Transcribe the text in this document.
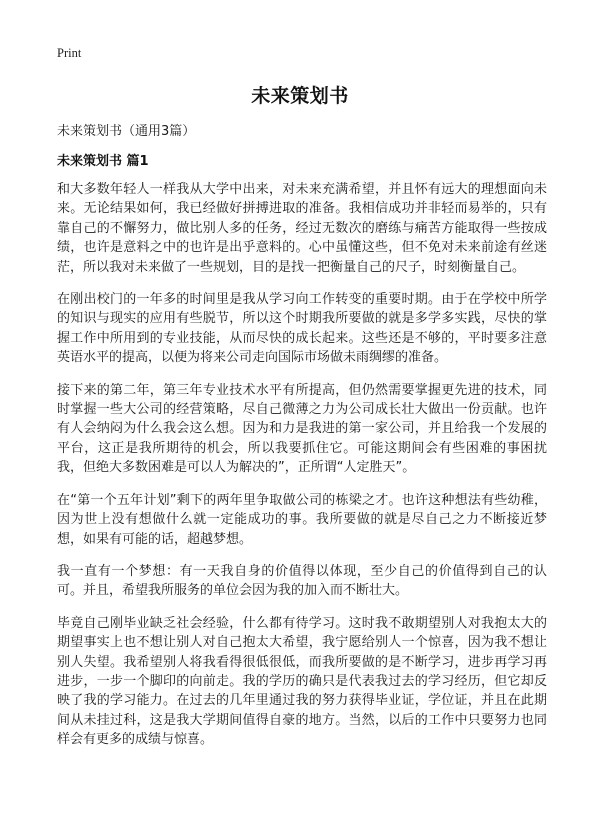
Print
未来策划书
未来策划书（通用3篇）
未来策划书 篇1

和大多数年轻人一样我从大学中出来，对未来充满希望，并且怀有远大的理想面向未来。无论结果如何，我已经做好拼搏进取的准备。我相信成功并非轻而易举的，只有靠自己的不懈努力，做比别人多的任务，经过无数次的磨练与痛苦方能取得一些按成绩，也许是意料之中的也许是出乎意料的。心中虽懂这些，但不免对未来前途有丝迷茫，所以我对未来做了一些规划，目的是找一把衡量自己的尺子，时刻衡量自己。

在刚出校门的一年多的时间里是我从学习向工作转变的重要时期。由于在学校中所学的知识与现实的应用有些脱节，所以这个时期我所要做的就是多学多实践，尽快的掌握工作中所用到的专业技能，从而尽快的成长起来。这些还是不够的，平时要多注意英语水平的提高，以便为将来公司走向国际市场做未雨绸缪的准备。

接下来的第二年，第三年专业技术水平有所提高，但仍然需要掌握更先进的技术，同时掌握一些大公司的经营策略，尽自己微薄之力为公司成长壮大做出一份贡献。也许有人会纳闷为什么我会这么想。因为和力是我进的第一家公司，并且给我一个发展的平台，这正是我所期待的机会，所以我要抓住它。可能这期间会有些困难的事困扰我，但绝大多数困难是可以人为解决的”，正所谓“人定胜天”。

在“第一个五年计划”剩下的两年里争取做公司的栋梁之才。也许这种想法有些幼稚，因为世上没有想做什么就一定能成功的事。我所要做的就是尽自己之力不断接近梦想，如果有可能的话，超越梦想。

我一直有一个梦想：有一天我自身的价值得以体现，至少自己的价值得到自己的认可。并且，希望我所服务的单位会因为我的加入而不断壮大。

毕竟自己刚毕业缺乏社会经验，什么都有待学习。这时我不敢期望别人对我抱太大的期望事实上也不想让别人对自己抱太大希望，我宁愿给别人一个惊喜，因为我不想让别人失望。我希望别人将我看得很低很低，而我所要做的是不断学习，进步再学习再进步，一步一个脚印的向前走。我的学历的确只是代表我过去的学习经历，但它却反映了我的学习能力。在过去的几年里通过我的努力获得毕业证，学位证，并且在此期间从未挂过科，这是我大学期间值得自豪的地方。当然，以后的工作中只要努力也同样会有更多的成绩与惊喜。
